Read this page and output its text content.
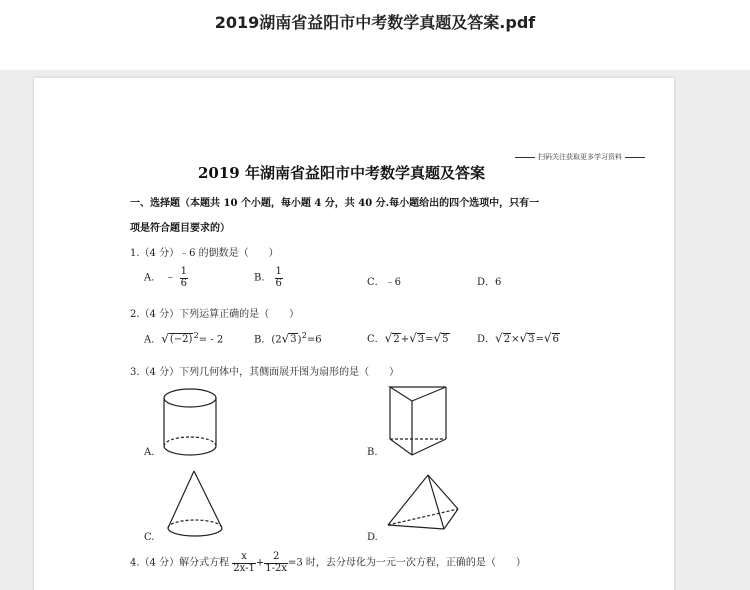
2019湖南省益阳市中考数学真题及答案.pdf
扫码关注获取更多学习资料
2019 年湖南省益阳市中考数学真题及答案
一、选择题（本题共 10 个小题，每小题 4 分，共 40 分.每小题给出的四个选项中，只有一
项是符合题目要求的）
1.（4 分）﹣6 的倒数是（　　）
A． ﹣ $\frac{1}{6}$	B． $\frac{1}{6}$	C．﹣6	D．6
2.（4 分）下列运算正确的是（　　）
A．$√(-2)^2= - 2$	B．$(2√3)^2=6$	C．√2+√3=√5	D．√2×√3=√6
3.（4 分）下列几何体中，其侧面展开图为扇形的是（　　）
A.	B.
C.	D.
4.（4 分）解分式方程 $\frac{x}{2x-1} + \frac{2}{1-2x} =3$ 时，去分母化为一元一次方程，正确的是（　　）
